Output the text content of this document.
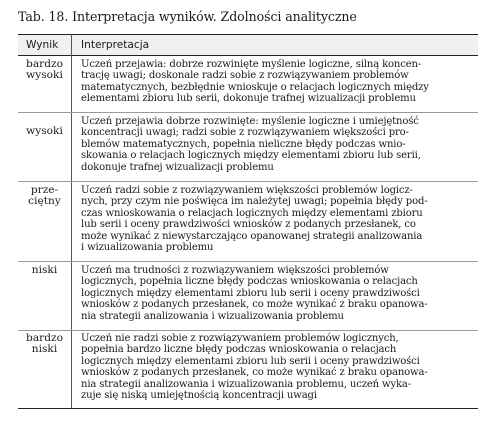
Tab. 18. Interpretacja wyników. Zdolności analityczne
Wynik Interpretacja
bardzo
wysoki
Uczeń przejawia: dobrze rozwinięte myślenie logiczne, silną koncen-
trację uwagi; doskonale radzi sobie z rozwiązywaniem problemów
matematycznych, bezbłędnie wnioskuje o relacjach logicznych między
elementami zbioru lub serii, dokonuje trafnej wizualizacji problemu
wysoki
Uczeń przejawia dobrze rozwinięte: myślenie logiczne i umiejętność
koncentracji uwagi; radzi sobie z rozwiązywaniem większości pro-
blemów matematycznych, popełnia nieliczne błędy podczas wnio-
skowania o relacjach logicznych między elementami zbioru lub serii,
dokonuje trafnej wizualizacji problemu
prze-
ciętny
Uczeń radzi sobie z rozwiązywaniem większości problemów logicz-
nych, przy czym nie poświęca im należytej uwagi; popełnia błędy pod-
czas wnioskowania o relacjach logicznych między elementami zbioru
lub serii i oceny prawdziwości wniosków z podanych przesłanek, co
może wynikać z niewystarczająco opanowanej strategii analizowania
i wizualizowania problemu
niski	Uczeń ma trudności z rozwiązywaniem większości problemów
logicznych, popełnia liczne błędy podczas wnioskowania o relacjach
logicznych między elementami zbioru lub serii i oceny prawdziwości
wniosków z podanych przesłanek, co może wynikać z braku opanowa-
nia strategii analizowania i wizualizowania problemu
bardzo
niski
Uczeń nie radzi sobie z rozwiązywaniem problemów logicznych,
popełnia bardzo liczne błędy podczas wnioskowania o relacjach
logicznych między elementami zbioru lub serii i oceny prawdziwości
wniosków z podanych przesłanek, co może wynikać z braku opanowa-
nia strategii analizowania i wizualizowania problemu, uczeń wyka-
zuje się niską umiejętnością koncentracji uwagi
